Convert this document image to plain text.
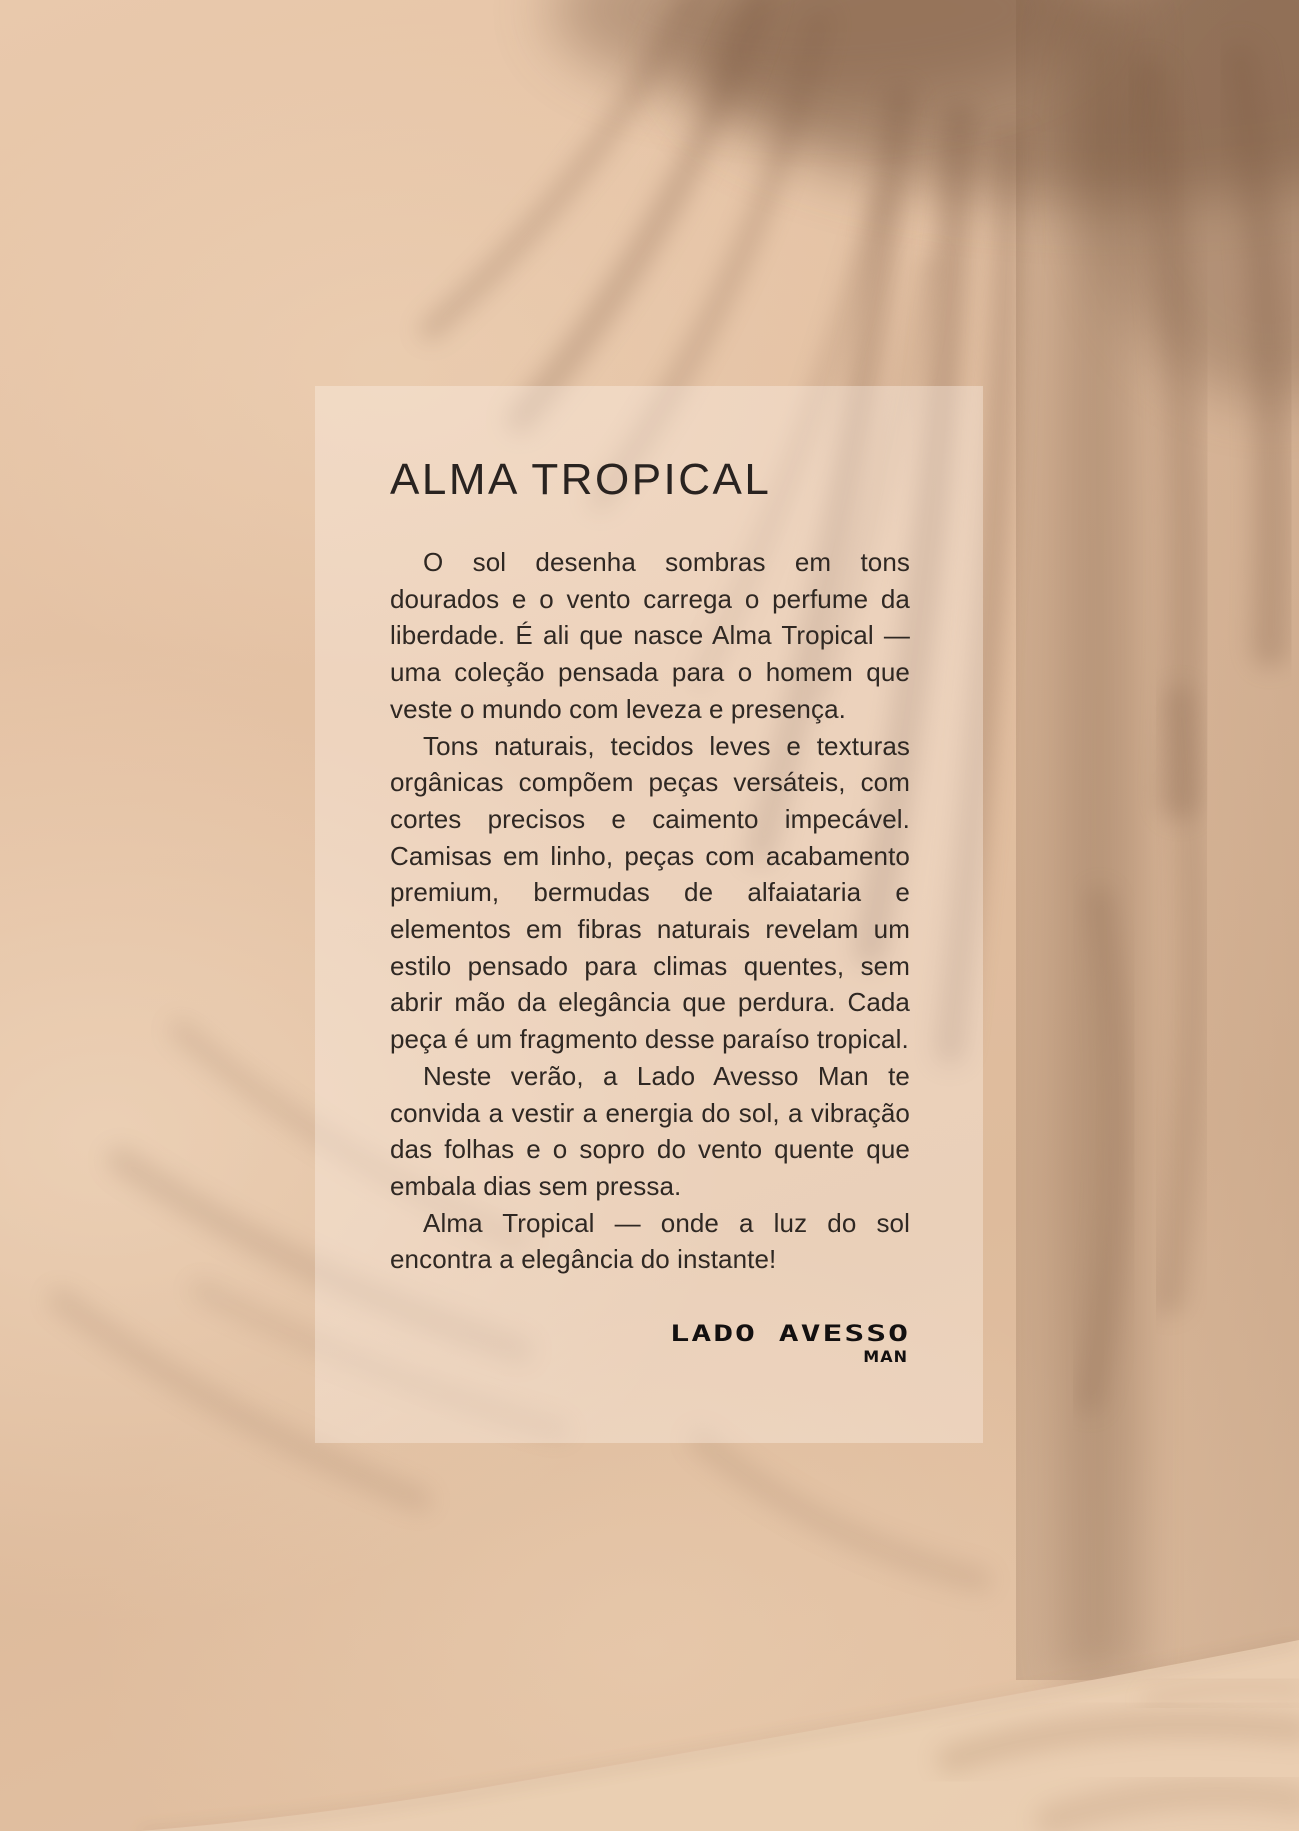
ALMA TROPICAL

O sol desenha sombras em tons dourados e o vento carrega o perfume da liberdade. É ali que nasce Alma Tropical — uma coleção pensada para o homem que veste o mundo com leveza e presença.

Tons naturais, tecidos leves e texturas orgânicas compõem peças versáteis, com cortes precisos e caimento impecável. Camisas em linho, peças com acabamento premium, bermudas de alfaiataria e elementos em fibras naturais revelam um estilo pensado para climas quentes, sem abrir mão da elegância que perdura. Cada peça é um fragmento desse paraíso tropical.

Neste verão, a Lado Avesso Man te convida a vestir a energia do sol, a vibração das folhas e o sopro do vento quente que embala dias sem pressa.

Alma Tropical — onde a luz do sol encontra a elegância do instante!

LADO AVESSO
MAN
